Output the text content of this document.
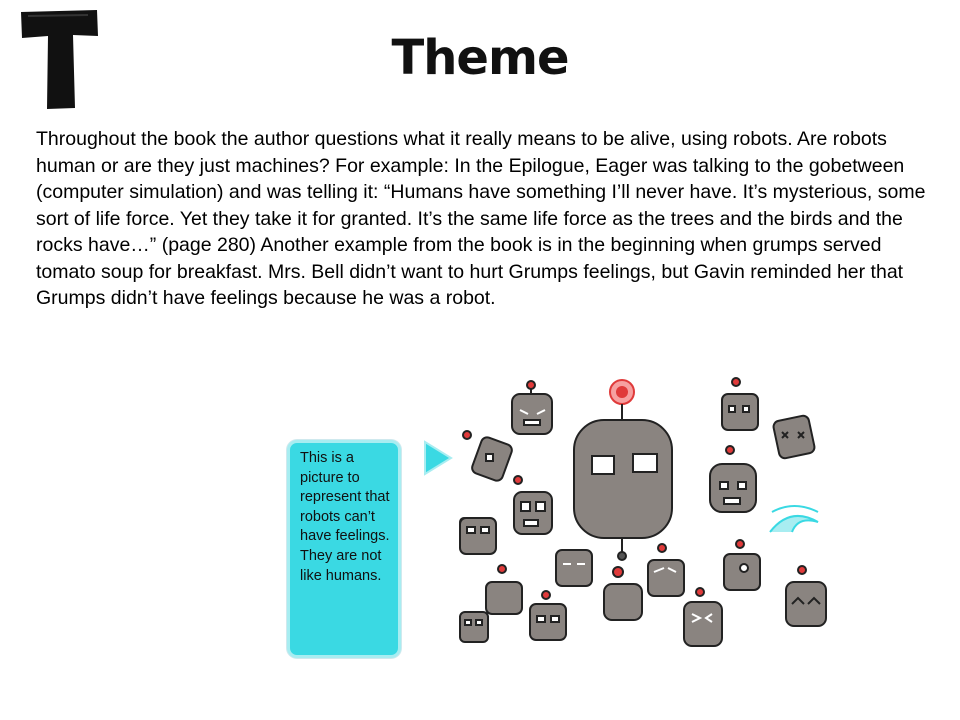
Theme

Throughout the book the author questions what it really means to be alive, using robots. Are robots human or are they just machines? For example: In the Epilogue, Eager was talking to the gobetween (computer simulation) and was telling it: “Humans have something I’ll never have. It’s mysterious, some sort of life force. Yet they take it for granted. It’s the same life force as the trees and the birds and the rocks have…” (page 280) Another example from the book is in the beginning when grumps served tomato soup for breakfast. Mrs. Bell didn’t want to hurt Grumps feelings, but Gavin reminded her that Grumps didn’t have feelings because he was a robot.

This is a picture to represent that robots can’t have feelings. They are not like humans.
